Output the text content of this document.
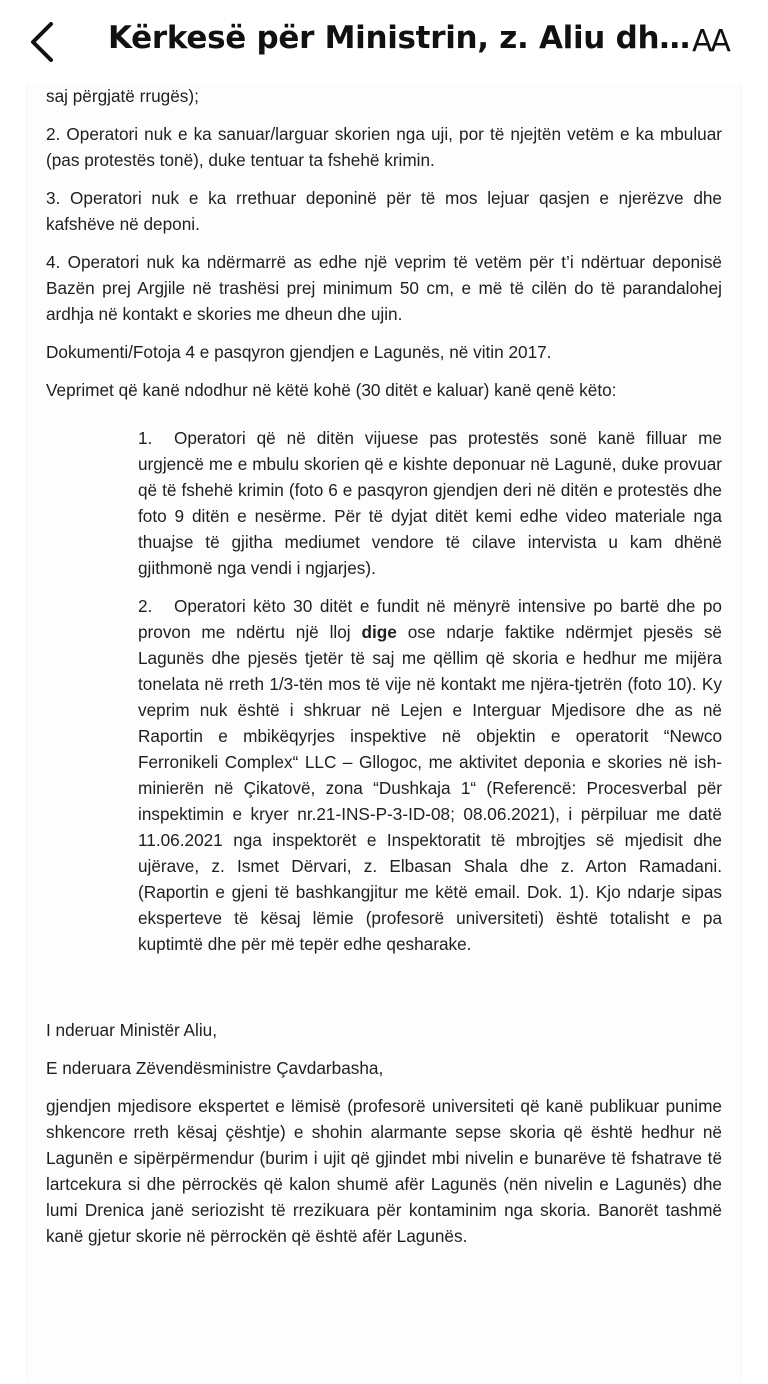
Kërkesë për Ministrin, z. Aliu dh… AA

saj përgjatë rrugës);

2. Operatori nuk e ka sanuar/larguar skorien nga uji, por të njejtën vetëm e ka mbuluar (pas protestës tonë), duke tentuar ta fshehë krimin.

3. Operatori nuk e ka rrethuar deponinë për të mos lejuar qasjen e njerëzve dhe kafshëve në deponi.

4. Operatori nuk ka ndërmarrë as edhe një veprim të vetëm për t’i ndërtuar deponisë Bazën prej Argjile në trashësi prej minimum 50 cm, e më të cilën do të parandalohej ardhja në kontakt e skories me dheun dhe ujin.

Dokumenti/Fotoja 4 e pasqyron gjendjen e Lagunës, në vitin 2017.

Veprimet që kanë ndodhur në këtë kohë (30 ditët e kaluar) kanë qenë këto:

1. Operatori që në ditën vijuese pas protestës sonë kanë filluar me urgjencë me e mbulu skorien që e kishte deponuar në Lagunë, duke provuar që të fshehë krimin (foto 6 e pasqyron gjendjen deri në ditën e protestës dhe foto 9 ditën e nesërme. Për të dyjat ditët kemi edhe video materiale nga thuajse të gjitha mediumet vendore të cilave intervista u kam dhënë gjithmonë nga vendi i ngjarjes).

2. Operatori këto 30 ditët e fundit në mënyrë intensive po bartë dhe po provon me ndërtu një lloj dige ose ndarje faktike ndërmjet pjesës së Lagunës dhe pjesës tjetër të saj me qëllim që skoria e hedhur me mijëra tonelata në rreth 1/3-tën mos të vije në kontakt me njëra-tjetrën (foto 10). Ky veprim nuk është i shkruar në Lejen e Interguar Mjedisore dhe as në Raportin e mbikëqyrjes inspektive në objektin e operatorit “Newco Ferronikeli Complex“ LLC – Gllogoc, me aktivitet deponia e skories në ish-minierën në Çikatovë, zona “Dushkaja 1“ (Referencë: Procesverbal për inspektimin e kryer nr.21-INS-P-3-ID-08; 08.06.2021), i përpiluar me datë 11.06.2021 nga inspektorët e Inspektoratit të mbrojtjes së mjedisit dhe ujërave, z. Ismet Dërvari, z. Elbasan Shala dhe z. Arton Ramadani. (Raportin e gjeni të bashkangjitur me këtë email. Dok. 1). Kjo ndarje sipas eksperteve të kësaj lëmie (profesorë universiteti) është totalisht e pa kuptimtë dhe për më tepër edhe qesharake.

I nderuar Ministër Aliu,

E nderuara Zëvendësministre Çavdarbasha,

gjendjen mjedisore ekspertet e lëmisë (profesorë universiteti që kanë publikuar punime shkencore rreth kësaj çështje) e shohin alarmante sepse skoria që është hedhur në Lagunën e sipërpërmendur (burim i ujit që gjindet mbi nivelin e bunarëve të fshatrave të lartcekura si dhe përrockës që kalon shumë afër Lagunës (nën nivelin e Lagunës) dhe lumi Drenica janë seriozisht të rrezikuara për kontaminim nga skoria. Banorët tashmë kanë gjetur skorie në përrockën që është afër Lagunës.
